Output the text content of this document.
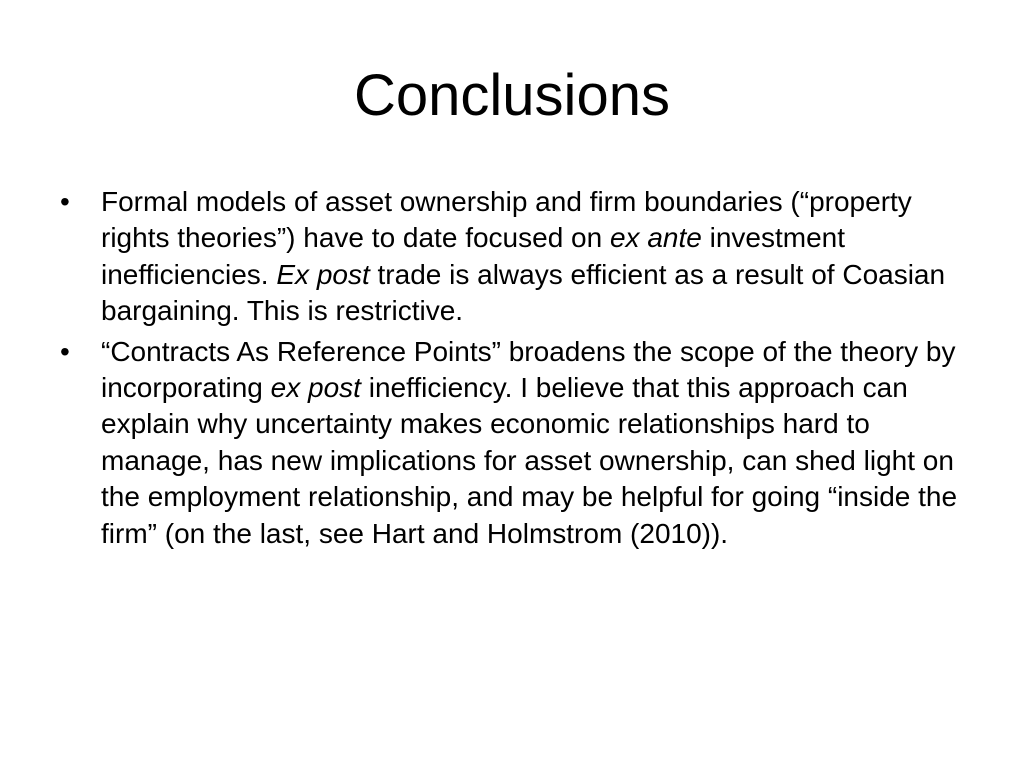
Conclusions
• Formal models of asset ownership and firm boundaries (“property rights theories”) have to date focused on ex ante investment inefficiencies. Ex post trade is always efficient as a result of Coasian bargaining. This is restrictive.
• “Contracts As Reference Points” broadens the scope of the theory by incorporating ex post inefficiency. I believe that this approach can explain why uncertainty makes economic relationships hard to manage, has new implications for asset ownership, can shed light on the employment relationship, and may be helpful for going “inside the firm” (on the last, see Hart and Holmstrom (2010)).
